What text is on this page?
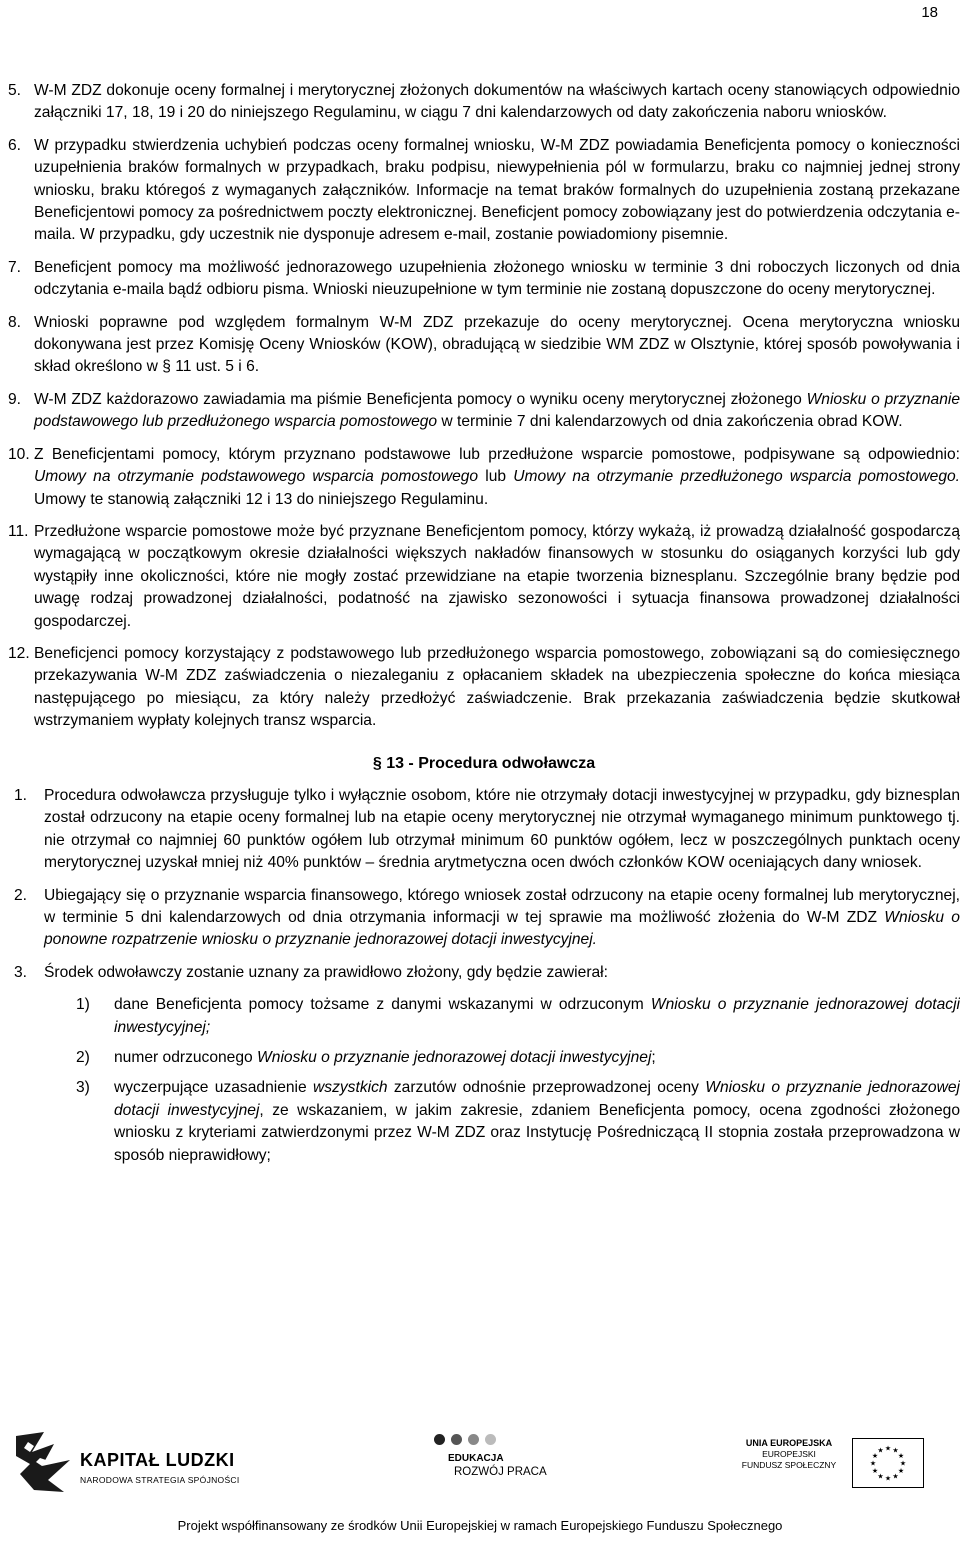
18
5. W-M ZDZ dokonuje oceny formalnej i merytorycznej złożonych dokumentów na właściwych kartach oceny stanowiących odpowiednio załączniki 17, 18, 19 i 20 do niniejszego Regulaminu, w ciągu 7 dni kalendarzowych od daty zakończenia naboru wniosków.
6. W przypadku stwierdzenia uchybień podczas oceny formalnej wniosku, W-M ZDZ powiadamia Beneficjenta pomocy o konieczności uzupełnienia braków formalnych w przypadkach, braku podpisu, niewypełnienia pól w formularzu, braku co najmniej jednej strony wniosku, braku któregoś z wymaganych załączników. Informacje na temat braków formalnych do uzupełnienia zostaną przekazane Beneficjentowi pomocy za pośrednictwem poczty elektronicznej. Beneficjent pomocy zobowiązany jest do potwierdzenia odczytania e-maila. W przypadku, gdy uczestnik nie dysponuje adresem e-mail, zostanie powiadomiony pisemnie.
7. Beneficjent pomocy ma możliwość jednorazowego uzupełnienia złożonego wniosku w terminie 3 dni roboczych liczonych od dnia odczytania e-maila bądź odbioru pisma. Wnioski nieuzupełnione w tym terminie nie zostaną dopuszczone do oceny merytorycznej.
8. Wnioski poprawne pod względem formalnym W-M ZDZ przekazuje do oceny merytorycznej. Ocena merytoryczna wniosku dokonywana jest przez Komisję Oceny Wniosków (KOW), obradującą w siedzibie WM ZDZ w Olsztynie, której sposób powoływania i skład określono w § 11 ust. 5 i 6.
9. W-M ZDZ każdorazowo zawiadamia ma piśmie Beneficjenta pomocy o wyniku oceny merytorycznej złożonego Wniosku o przyznanie podstawowego lub przedłużonego wsparcia pomostowego w terminie 7 dni kalendarzowych od dnia zakończenia obrad KOW.
10. Z Beneficjentami pomocy, którym przyznano podstawowe lub przedłużone wsparcie pomostowe, podpisywane są odpowiednio: Umowy na otrzymanie podstawowego wsparcia pomostowego lub Umowy na otrzymanie przedłużonego wsparcia pomostowego. Umowy te stanowią załączniki 12 i 13 do niniejszego Regulaminu.
11. Przedłużone wsparcie pomostowe może być przyznane Beneficjentom pomocy, którzy wykażą, iż prowadzą działalność gospodarczą wymagającą w początkowym okresie działalności większych nakładów finansowych w stosunku do osiąganych korzyści lub gdy wystąpiły inne okoliczności, które nie mogły zostać przewidziane na etapie tworzenia biznesplanu. Szczególnie brany będzie pod uwagę rodzaj prowadzonej działalności, podatność na zjawisko sezonowości i sytuacja finansowa prowadzonej działalności gospodarczej.
12. Beneficjenci pomocy korzystający z podstawowego lub przedłużonego wsparcia pomostowego, zobowiązani są do comiesięcznego przekazywania W-M ZDZ zaświadczenia o niezaleganiu z opłacaniem składek na ubezpieczenia społeczne do końca miesiąca następującego po miesiącu, za który należy przedłożyć zaświadczenie. Brak przekazania zaświadczenia będzie skutkował wstrzymaniem wypłaty kolejnych transz wsparcia.
§ 13 - Procedura odwoławcza
1.	Procedura odwoławcza przysługuje tylko i wyłącznie osobom, które nie otrzymały dotacji inwestycyjnej w przypadku, gdy biznesplan został odrzucony na etapie oceny formalnej lub na etapie oceny merytorycznej nie otrzymał wymaganego minimum punktowego tj. nie otrzymał co najmniej 60 punktów ogółem lub otrzymał minimum 60 punktów ogółem, lecz w poszczególnych punktach oceny merytorycznej uzyskał mniej niż 40% punktów – średnia arytmetyczna ocen dwóch członków KOW oceniających dany wniosek.
2.	Ubiegający się o przyznanie wsparcia finansowego, którego wniosek został odrzucony na etapie oceny formalnej lub merytorycznej, w terminie 5 dni kalendarzowych od dnia otrzymania informacji w tej sprawie ma możliwość złożenia do W-M ZDZ Wniosku o ponowne rozpatrzenie wniosku o przyznanie jednorazowej dotacji inwestycyjnej.
3.	Środek odwoławczy zostanie uznany za prawidłowo złożony, gdy będzie zawierał:
1)	dane Beneficjenta pomocy tożsame z danymi wskazanymi w odrzuconym Wniosku o przyznanie jednorazowej dotacji inwestycyjnej;
2)	numer odrzuconego Wniosku o przyznanie jednorazowej dotacji inwestycyjnej;
3)	wyczerpujące uzasadnienie wszystkich zarzutów odnośnie przeprowadzonej oceny Wniosku o przyznanie jednorazowej dotacji inwestycyjnej, ze wskazaniem, w jakim zakresie, zdaniem Beneficjenta pomocy, ocena zgodności złożonego wniosku z kryteriami zatwierdzonymi przez W-M ZDZ oraz Instytucję Pośredniczącą II stopnia została przeprowadzona w sposób nieprawidłowy;
KAPITAŁ LUDZKI
NARODOWA STRATEGIA SPÓJNOŚCI
EDUKACJA
ROZWÓJ PRACA
UNIA EUROPEJSKA
EUROPEJSKI
FUNDUSZ SPOŁECZNY	★
★
★
★
★
★
★
★
★ ★ ★
★
Projekt współfinansowany ze środków Unii Europejskiej w ramach Europejskiego Funduszu Społecznego
